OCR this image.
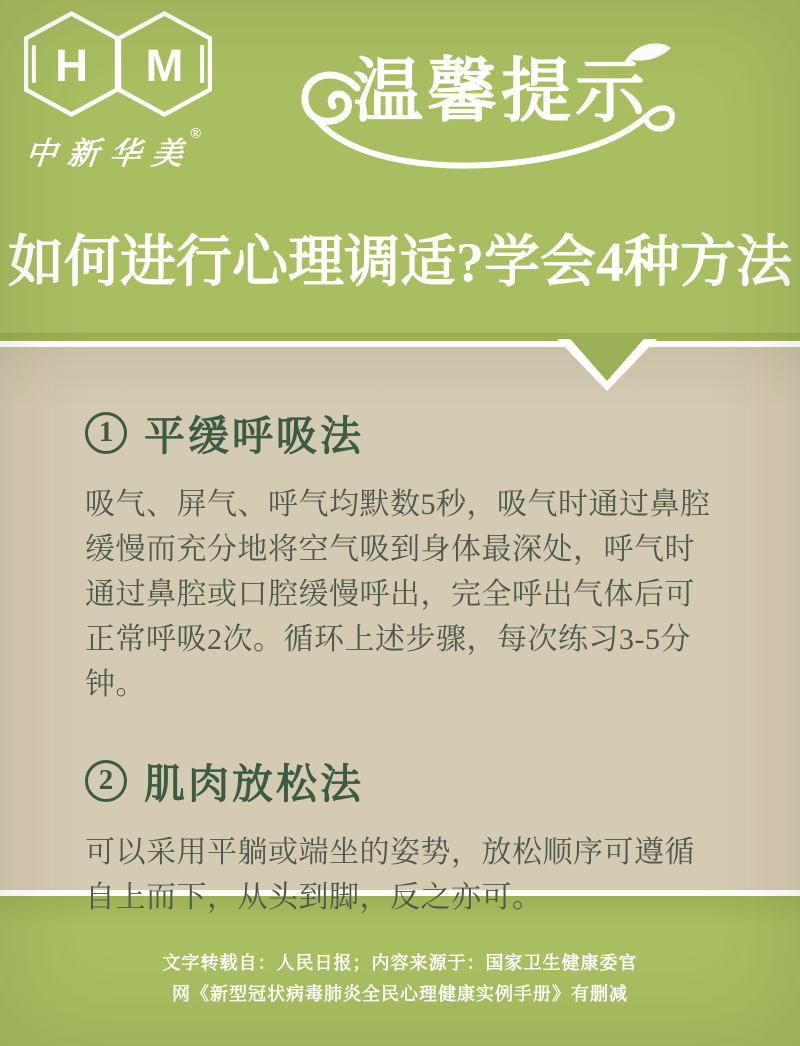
H M
中新华美
®
温馨提示
如何进行心理调适?学会4种方法
1 平缓呼吸法
吸气、屏气、呼气均默数5秒，吸气时通过鼻腔缓慢而充分地将空气吸到身体最深处，呼气时通过鼻腔或口腔缓慢呼出，完全呼出气体后可正常呼吸2次。循环上述步骤，每次练习3-5分钟。
2 肌肉放松法
可以采用平躺或端坐的姿势，放松顺序可遵循自上而下，从头到脚，反之亦可。
文字转载自：人民日报；内容来源于：国家卫生健康委官
网《新型冠状病毒肺炎全民心理健康实例手册》有删减
